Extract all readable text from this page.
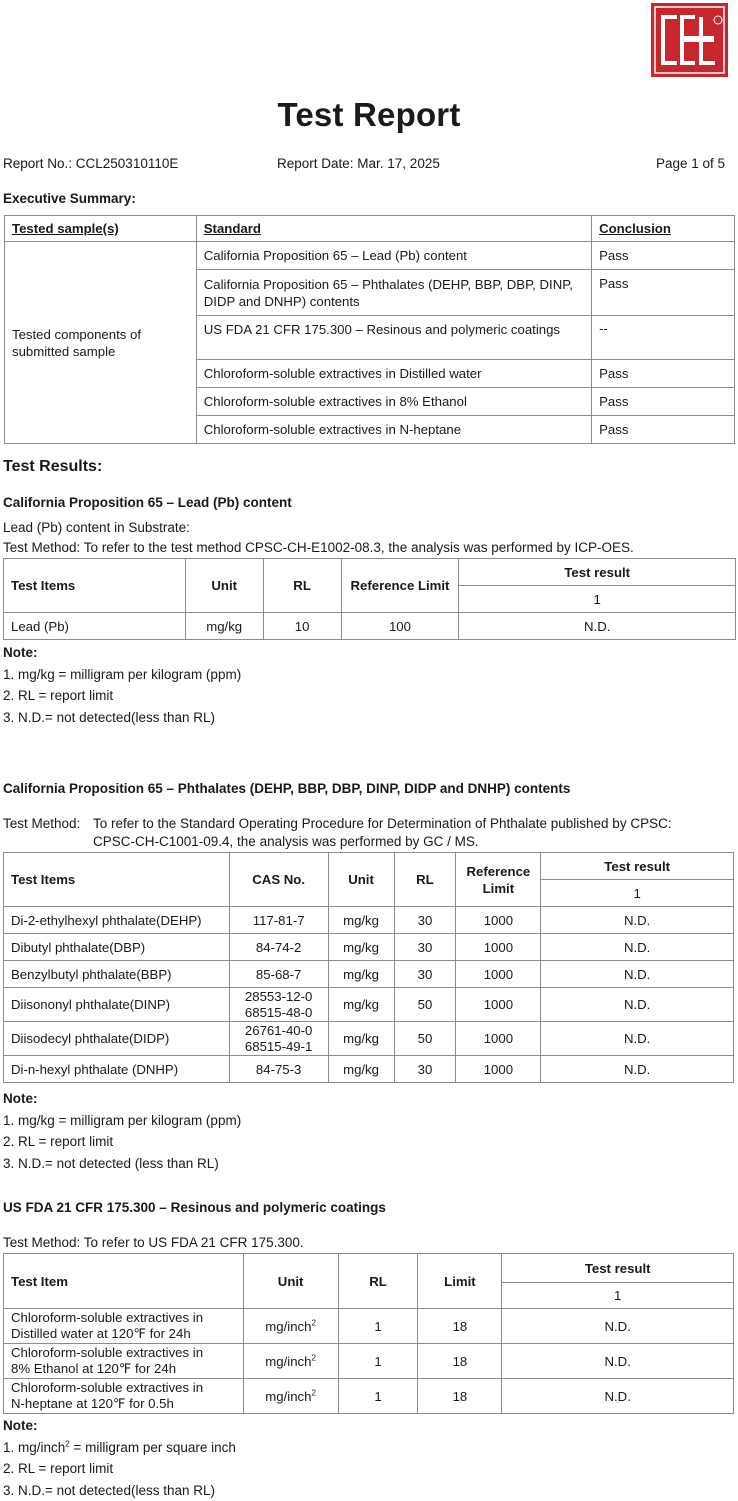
Test Report
Report No.: CCL250310110E	Report Date: Mar. 17, 2025	Page 1 of 5
Executive Summary:
Tested sample(s)	Standard	Conclusion
Tested components of submitted sample	California Proposition 65 – Lead (Pb) content	Pass
	California Proposition 65 – Phthalates (DEHP, BBP, DBP, DINP, DIDP and DNHP) contents	Pass
	US FDA 21 CFR 175.300 – Resinous and polymeric coatings	--
	Chloroform-soluble extractives in Distilled water	Pass
	Chloroform-soluble extractives in 8% Ethanol	Pass
	Chloroform-soluble extractives in N-heptane	Pass
Test Results:
California Proposition 65 – Lead (Pb) content
Lead (Pb) content in Substrate:
Test Method: To refer to the test method CPSC-CH-E1002-08.3, the analysis was performed by ICP-OES.
Test Items	Unit	RL	Reference Limit	Test result
				1
Lead (Pb)	mg/kg	10	100	N.D.
Note:
1. mg/kg = milligram per kilogram (ppm)
2. RL = report limit
3. N.D.= not detected(less than RL)
California Proposition 65 – Phthalates (DEHP, BBP, DBP, DINP, DIDP and DNHP) contents
Test Method: To refer to the Standard Operating Procedure for Determination of Phthalate published by CPSC:
CPSC-CH-C1001-09.4, the analysis was performed by GC / MS.
Test Items	CAS No.	Unit	RL	Reference Limit	Test result
					1
Di-2-ethylhexyl phthalate(DEHP)	117-81-7	mg/kg	30	1000	N.D.
Dibutyl phthalate(DBP)	84-74-2	mg/kg	30	1000	N.D.
Benzylbutyl phthalate(BBP)	85-68-7	mg/kg	30	1000	N.D.
Diisononyl phthalate(DINP)	28553-12-0
68515-48-0	mg/kg	50	1000	N.D.
Diisodecyl phthalate(DIDP)	26761-40-0
68515-49-1	mg/kg	50	1000	N.D.
Di-n-hexyl phthalate (DNHP)	84-75-3	mg/kg	30	1000	N.D.
Note:
1. mg/kg = milligram per kilogram (ppm)
2. RL = report limit
3. N.D.= not detected (less than RL)
US FDA 21 CFR 175.300 – Resinous and polymeric coatings
Test Method: To refer to US FDA 21 CFR 175.300.
Test Item	Unit	RL	Limit	Test result
				1

Chloroform-soluble extractives in
Distilled water at 120℉ for 24h	mg/inch$^2$	1	18	N.D.

Chloroform-soluble extractives in
8% Ethanol at 120℉ for 24h	mg/inch$^2$	1	18	N.D.

Chloroform-soluble extractives in
N-heptane at 120℉ for 0.5h	mg/inch$^2$	1	18	N.D.
Note:
1. mg/inch$^2$ = milligram per square inch
2. RL = report limit
3. N.D.= not detected(less than RL)
